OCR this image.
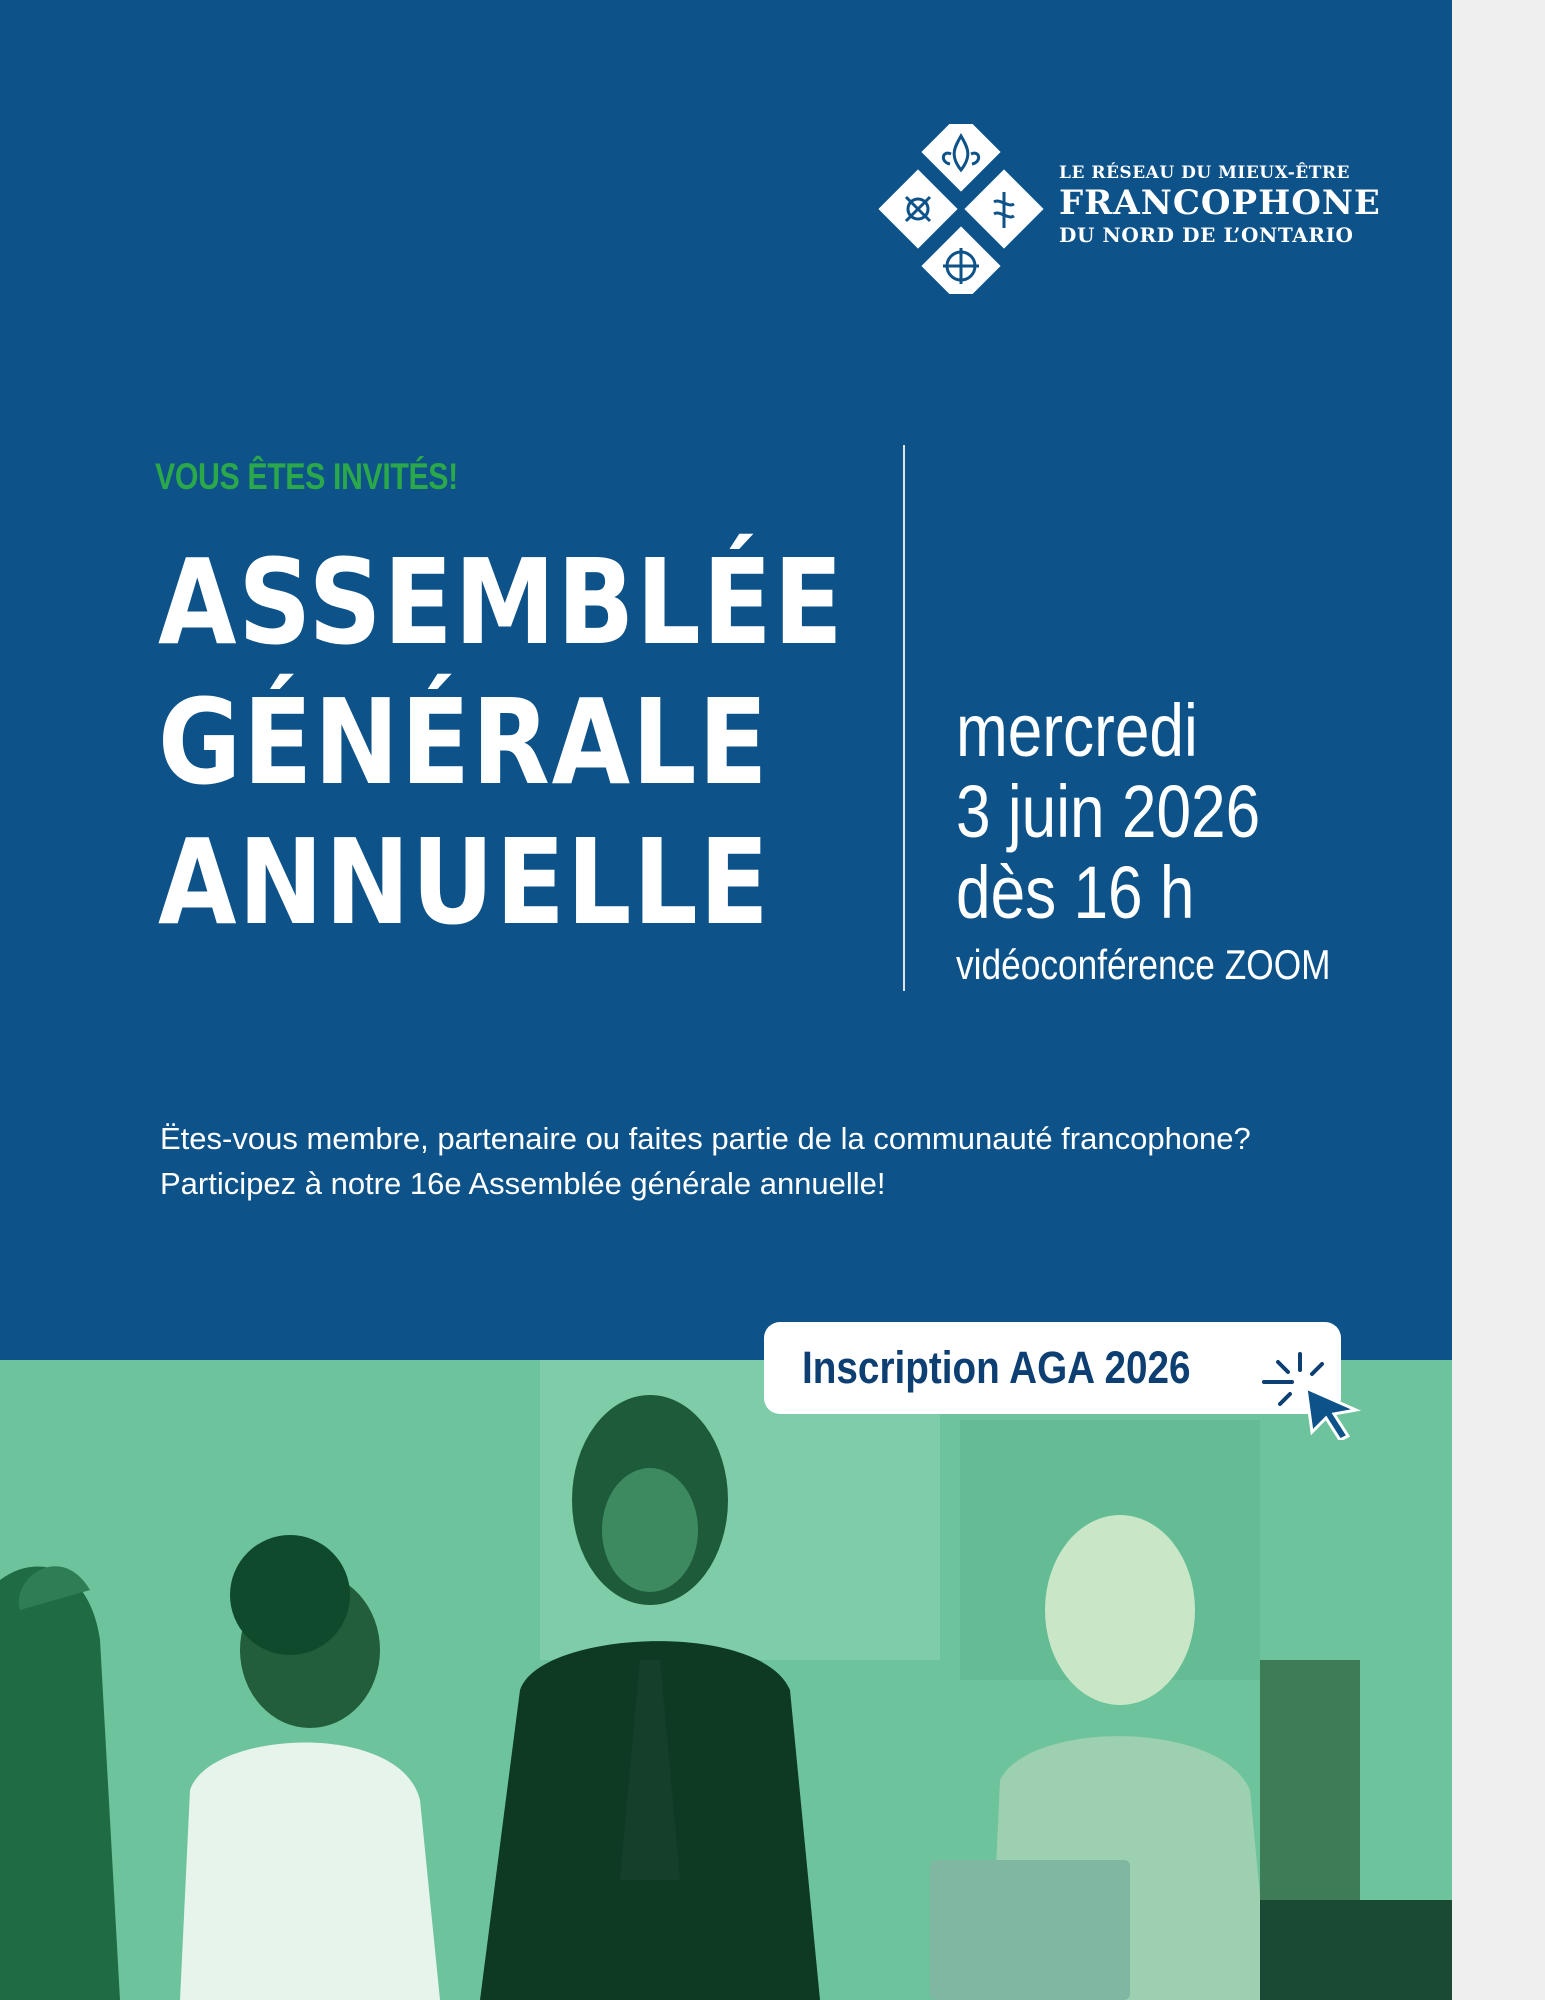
LE RÉSEAU DU MIEUX-ÊTRE
FRANCOPHONE
DU NORD DE L’ONTARIO
VOUS ÊTES INVITÉS!
ASSEMBLÉE
GÉNÉRALE
ANNUELLE
mercredi
3 juin 2026
dès 16 h
vidéoconférence ZOOM
Ëtes-vous membre, partenaire ou faites partie de la communauté francophone?
Participez à notre 16e Assemblée générale annuelle!
Inscription AGA 2026
